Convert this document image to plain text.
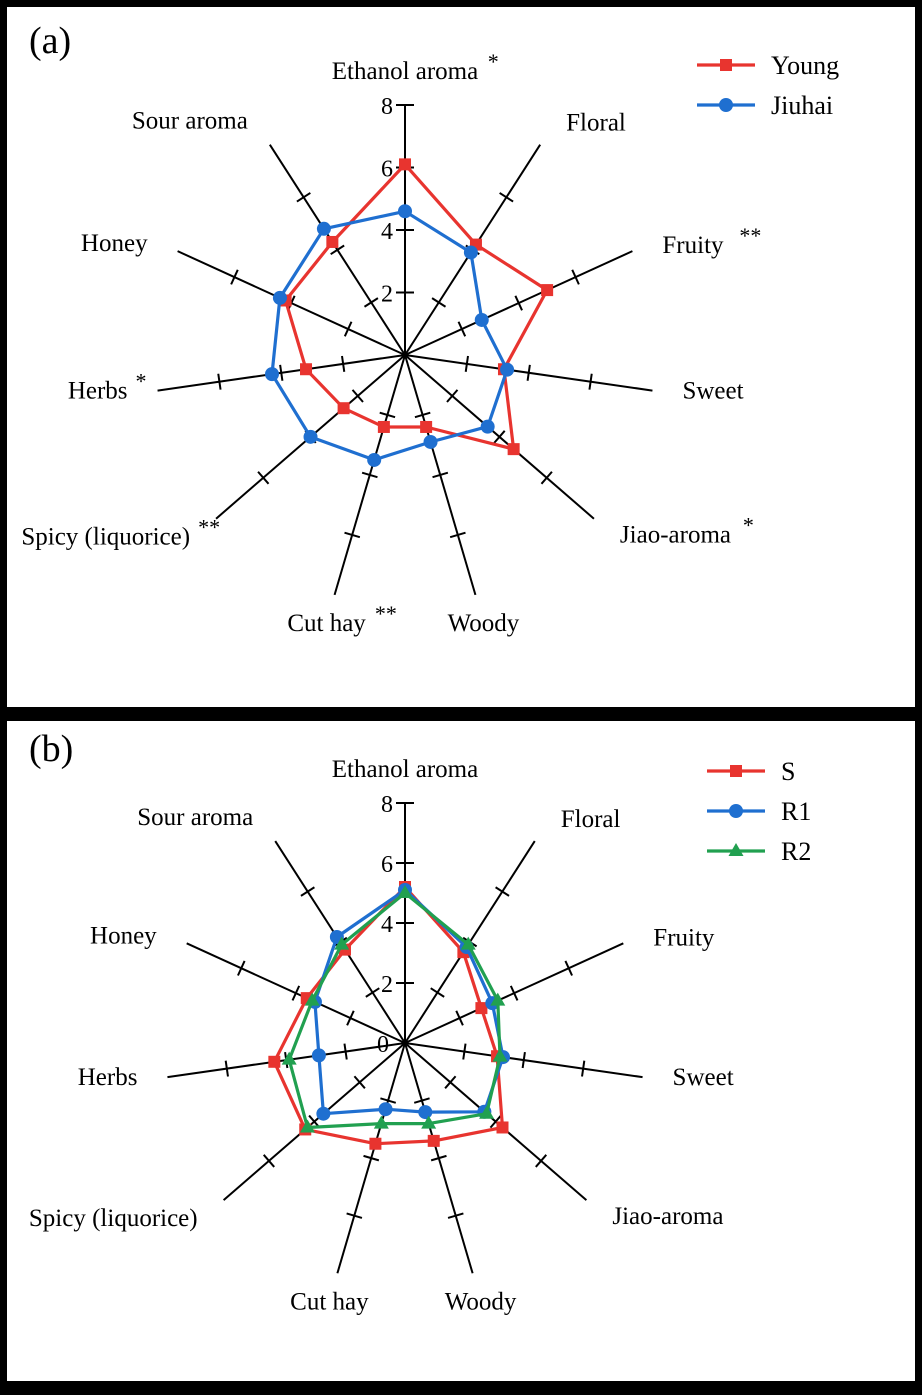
(a)
8
6
4
2
Ethanol aroma *
Floral
Fruity **
Sweet
Jiao-aroma *
Woody
Cut hay **
Spicy (liquorice) **
Herbs *
Honey
Sour aroma
Young
Jiuhai
(b)
8
6
4
2
0
Ethanol aroma
Floral
Fruity
Sweet
Jiao-aroma
Woody
Cut hay
Spicy (liquorice)
Herbs
Honey
Sour aroma
S
R1
R2
